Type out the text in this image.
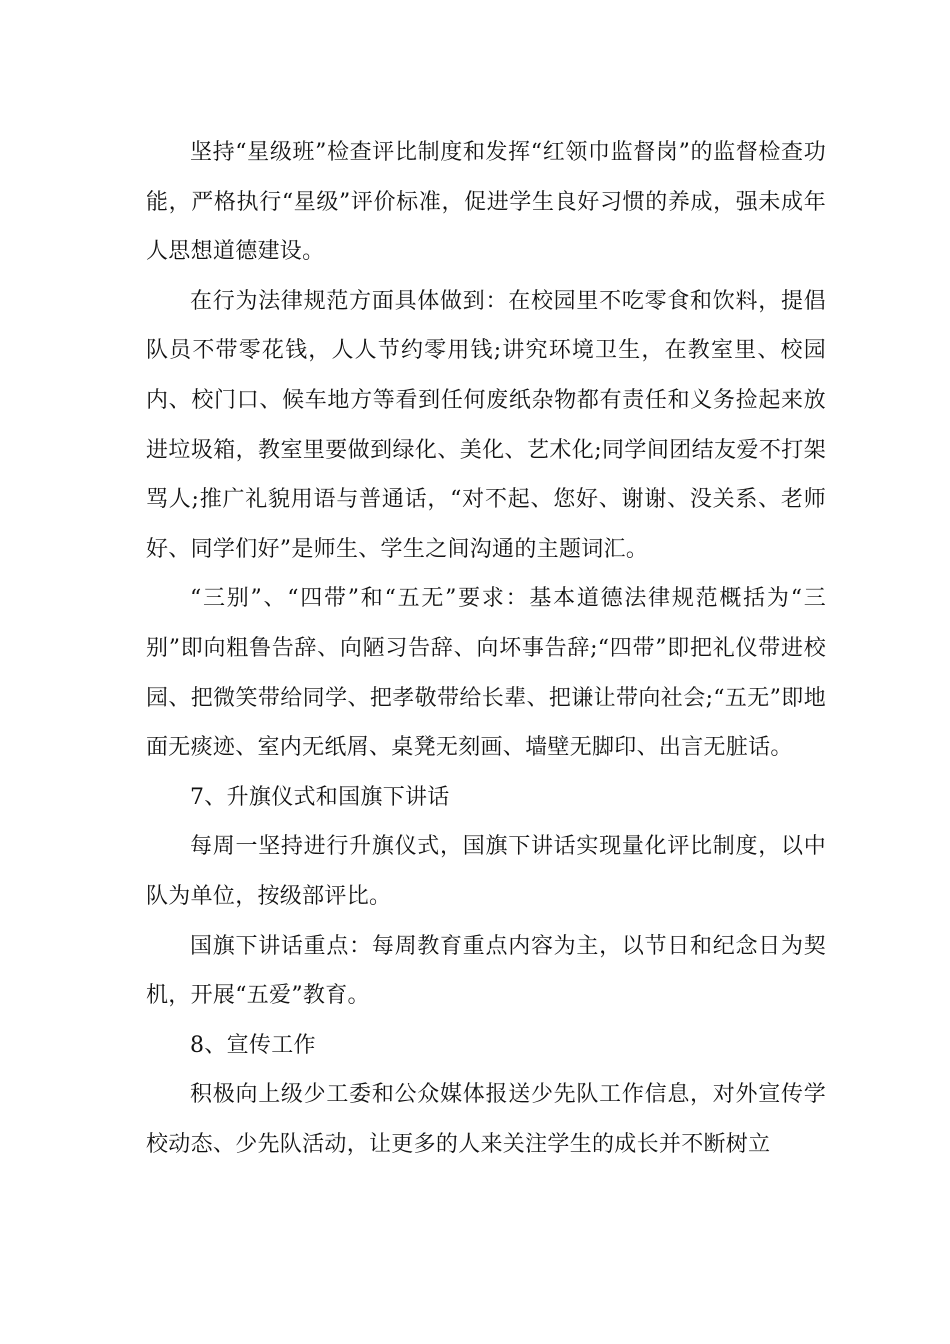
坚持“星级班”检查评比制度和发挥“红领巾监督岗”的监督检查功能，严格执行“星级”评价标准，促进学生良好习惯的养成，强未成年人思想道德建设。

在行为法律规范方面具体做到：在校园里不吃零食和饮料，提倡队员不带零花钱，人人节约零用钱;讲究环境卫生，在教室里、校园内、校门口、候车地方等看到任何废纸杂物都有责任和义务捡起来放进垃圾箱，教室里要做到绿化、美化、艺术化;同学间团结友爱不打架骂人;推广礼貌用语与普通话，“对不起、您好、谢谢、没关系、老师好、同学们好”是师生、学生之间沟通的主题词汇。

“三别”、“四带”和“五无”要求：基本道德法律规范概括为“三别”即向粗鲁告辞、向陋习告辞、向坏事告辞;“四带”即把礼仪带进校园、把微笑带给同学、把孝敬带给长辈、把谦让带向社会;“五无”即地面无痰迹、室内无纸屑、桌凳无刻画、墙壁无脚印、出言无脏话。

7、升旗仪式和国旗下讲话

每周一坚持进行升旗仪式，国旗下讲话实现量化评比制度，以中队为单位，按级部评比。

国旗下讲话重点：每周教育重点内容为主，以节日和纪念日为契机，开展“五爱”教育。

8、宣传工作

积极向上级少工委和公众媒体报送少先队工作信息，对外宣传学校动态、少先队活动，让更多的人来关注学生的成长并不断树立
